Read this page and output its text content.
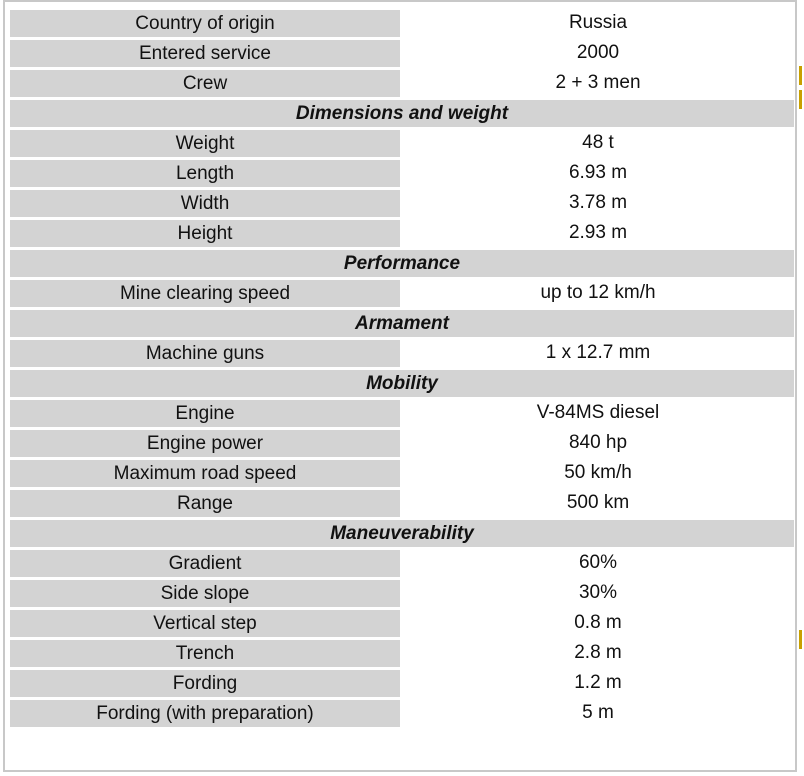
Country of origin	Russia
Entered service	2000
Crew	2 + 3 men
Dimensions and weight
Weight	48 t
Length	6.93 m
Width	3.78 m
Height	2.93 m
Performance
Mine clearing speed	up to 12 km/h
Armament
Machine guns	1 x 12.7 mm
Mobility
Engine	V-84MS diesel
Engine power	840 hp
Maximum road speed	50 km/h
Range	500 km
Maneuverability
Gradient	60%
Side slope	30%
Vertical step	0.8 m
Trench	2.8 m
Fording	1.2 m
Fording (with preparation)	5 m
